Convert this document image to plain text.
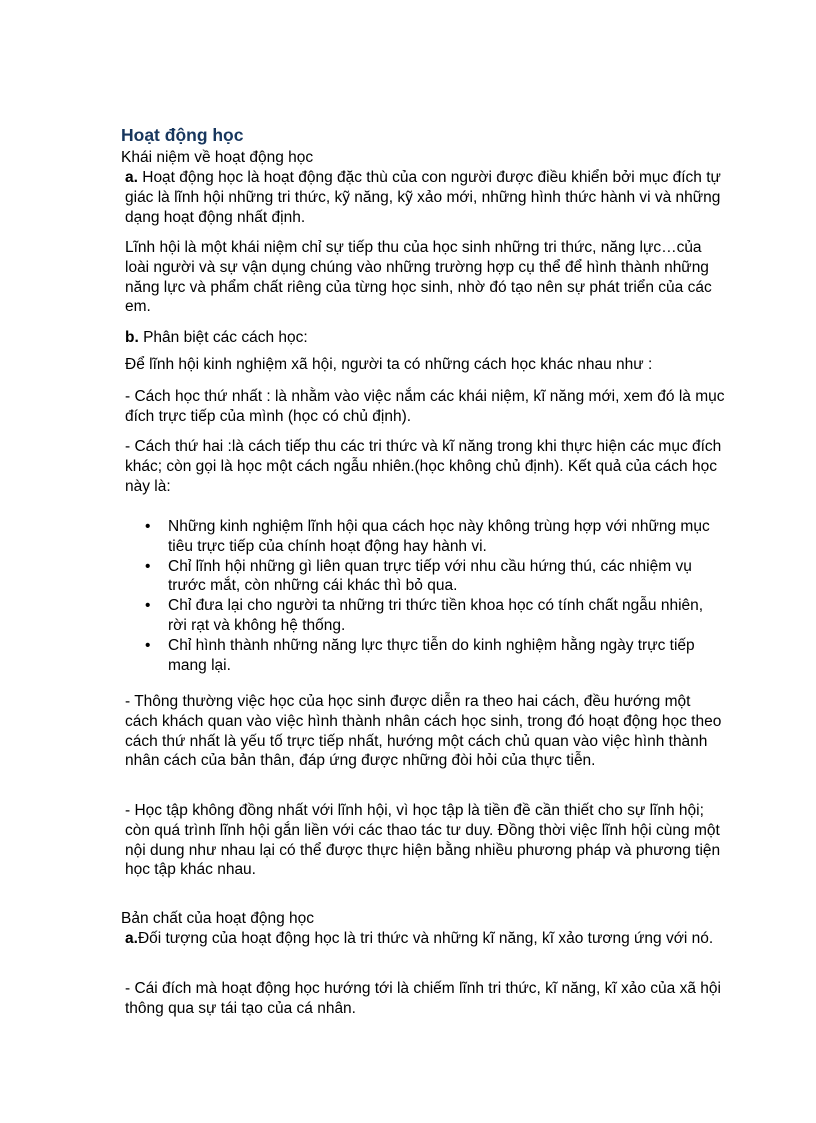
Hoạt động học

Khái niệm về hoạt động học

a. Hoạt động học là hoạt động đặc thù của con người được điều khiển bởi mục đích tự giác là lĩnh hội những tri thức, kỹ năng, kỹ xảo mới, những hình thức hành vi và những dạng hoạt động nhất định.

Lĩnh hội là một khái niệm chỉ sự tiếp thu của học sinh những tri thức, năng lực…của loài người và sự vận dụng chúng vào những trường hợp cụ thể để hình thành những năng lực và phẩm chất riêng của từng học sinh, nhờ đó tạo nên sự phát triển của các em.

b. Phân biệt các cách học:

Để lĩnh hội kinh nghiệm xã hội, người ta có những cách học khác nhau như :

- Cách học thứ nhất : là nhằm vào việc nắm các khái niệm, kĩ năng mới, xem đó là mục đích trực tiếp của mình (học có chủ định).

- Cách thứ hai :là cách tiếp thu các tri thức và kĩ năng trong khi thực hiện các mục đích khác; còn gọi là học một cách ngẫu nhiên.(học không chủ định). Kết quả của cách học này là:

• Những kinh nghiệm lĩnh hội qua cách học này không trùng hợp với những mục tiêu trực tiếp của chính hoạt động hay hành vi.
• Chỉ lĩnh hội những gì liên quan trực tiếp với nhu cầu hứng thú, các nhiệm vụ trước mắt, còn những cái khác thì bỏ qua.
• Chỉ đưa lại cho người ta những tri thức tiền khoa học có tính chất ngẫu nhiên, rời rạt và không hệ thống.
• Chỉ hình thành những năng lực thực tiễn do kinh nghiệm hằng ngày trực tiếp mang lại.

- Thông thường việc học của học sinh được diễn ra theo hai cách, đều hướng một cách khách quan vào việc hình thành nhân cách học sinh, trong đó hoạt động học theo cách thứ nhất là yếu tố trực tiếp nhất, hướng một cách chủ quan vào việc hình thành nhân cách của bản thân, đáp ứng được những đòi hỏi của thực tiễn.

- Học tập không đồng nhất với lĩnh hội, vì học tập là tiền đề cần thiết cho sự lĩnh hội; còn quá trình lĩnh hội gắn liền với các thao tác tư duy. Đồng thời việc lĩnh hội cùng một nội dung như nhau lại có thể được thực hiện bằng nhiều phương pháp và phương tiện học tập khác nhau.

Bản chất của hoạt động học

a.Đối tượng của hoạt động học là tri thức và những kĩ năng, kĩ xảo tương ứng với nó.

- Cái đích mà hoạt động học hướng tới là chiếm lĩnh tri thức, kĩ năng, kĩ xảo của xã hội thông qua sự tái tạo của cá nhân.
